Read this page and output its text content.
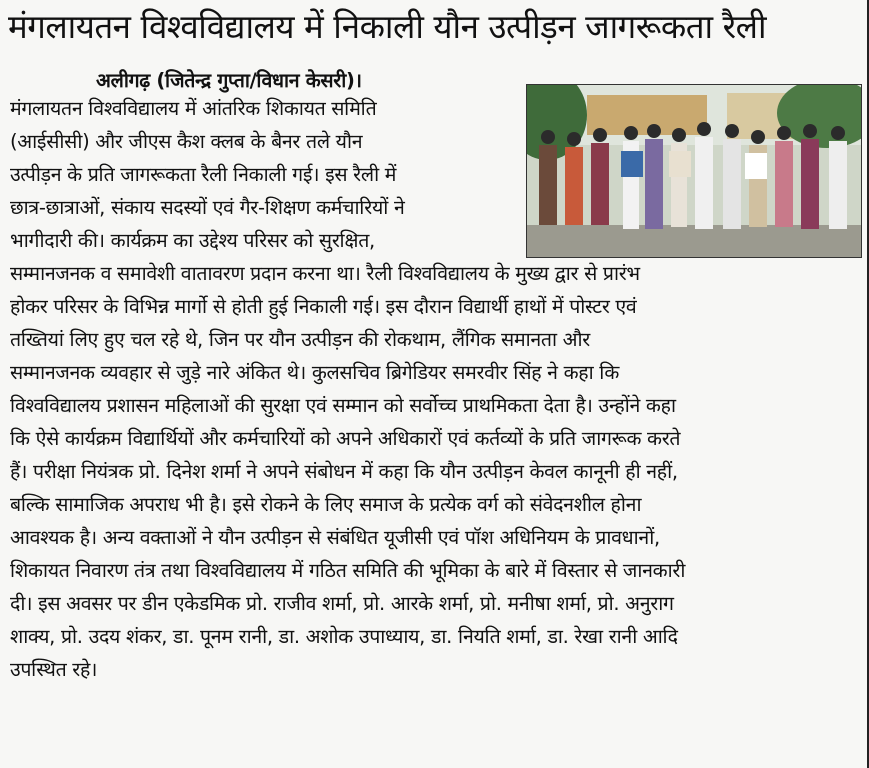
मंगलायतन विश्वविद्यालय में निकाली यौन उत्पीड़न जागरूकता रैली
अलीगढ़ (जितेन्द्र गुप्ता/विधान केसरी)।
मंगलायतन विश्वविद्यालय में आंतरिक शिकायत समिति
(आईसीसी) और जीएस कैश क्लब के बैनर तले यौन
उत्पीड़न के प्रति जागरूकता रैली निकाली गई। इस रैली में
छात्र-छात्राओं, संकाय सदस्यों एवं गैर-शिक्षण कर्मचारियों ने
भागीदारी की। कार्यक्रम का उद्देश्य परिसर को सुरक्षित,
सम्मानजनक व समावेशी वातावरण प्रदान करना था। रैली विश्वविद्यालय के मुख्य द्वार से प्रारंभ
होकर परिसर के विभिन्न मार्गो से होती हुई निकाली गई। इस दौरान विद्यार्थी हाथों में पोस्टर एवं
तख्तियां लिए हुए चल रहे थे, जिन पर यौन उत्पीड़न की रोकथाम, लैंगिक समानता और
सम्मानजनक व्यवहार से जुड़े नारे अंकित थे। कुलसचिव ब्रिगेडियर समरवीर सिंह ने कहा कि
विश्वविद्यालय प्रशासन महिलाओं की सुरक्षा एवं सम्मान को सर्वोच्च प्राथमिकता देता है। उन्होंने कहा
कि ऐसे कार्यक्रम विद्यार्थियों और कर्मचारियों को अपने अधिकारों एवं कर्तव्यों के प्रति जागरूक करते
हैं। परीक्षा नियंत्रक प्रो. दिनेश शर्मा ने अपने संबोधन में कहा कि यौन उत्पीड़न केवल कानूनी ही नहीं,
बल्कि सामाजिक अपराध भी है। इसे रोकने के लिए समाज के प्रत्येक वर्ग को संवेदनशील होना
आवश्यक है। अन्य वक्ताओं ने यौन उत्पीड़न से संबंधित यूजीसी एवं पॉश अधिनियम के प्रावधानों,
शिकायत निवारण तंत्र तथा विश्वविद्यालय में गठित समिति की भूमिका के बारे में विस्तार से जानकारी
दी। इस अवसर पर डीन एकेडमिक प्रो. राजीव शर्मा, प्रो. आरके शर्मा, प्रो. मनीषा शर्मा, प्रो. अनुराग
शाक्य, प्रो. उदय शंकर, डा. पूनम रानी, डा. अशोक उपाध्याय, डा. नियति शर्मा, डा. रेखा रानी आदि
उपस्थित रहे।
